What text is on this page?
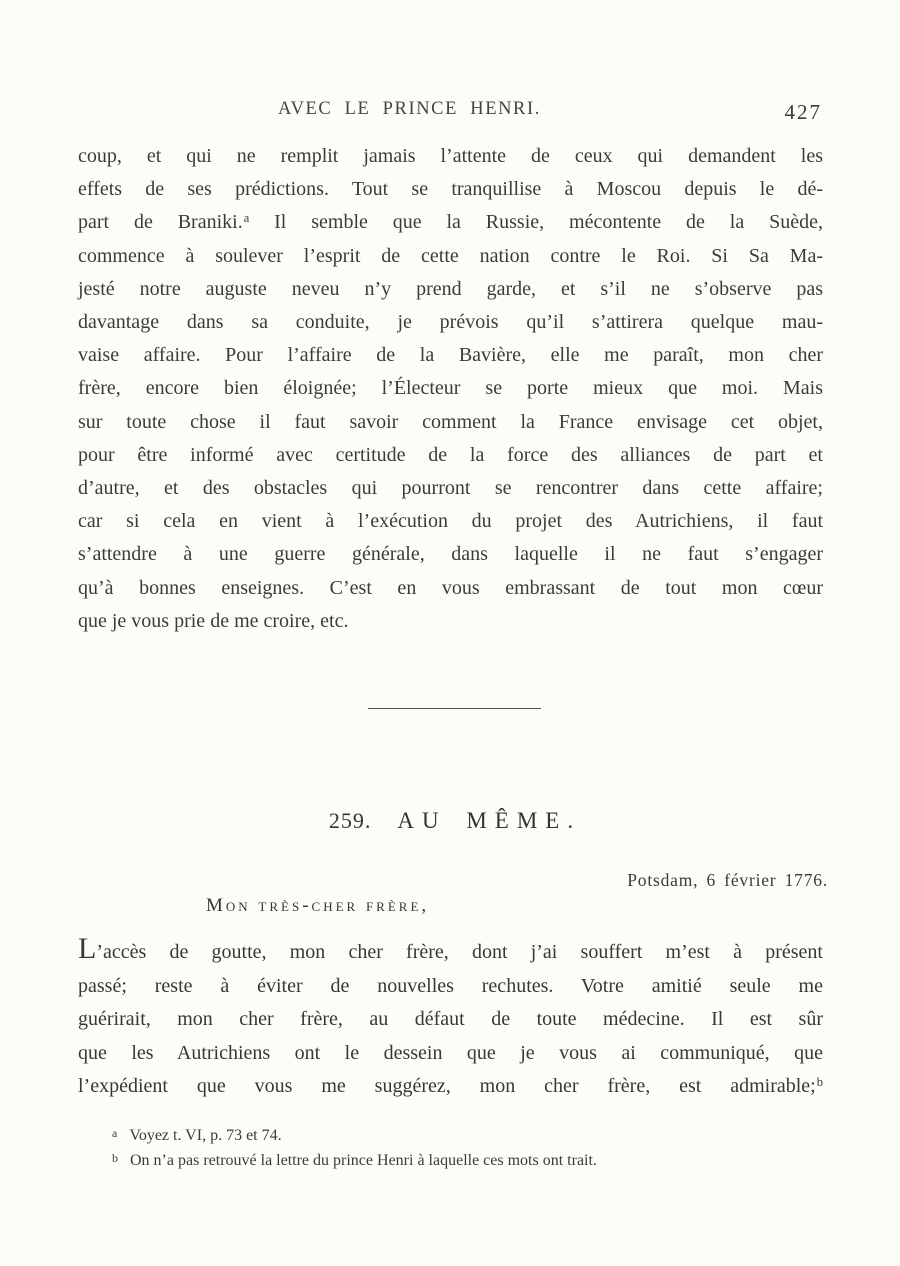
AVEC LE PRINCE HENRI.	427
coup, et qui ne remplit jamais l’attente de ceux qui demandent les
effets de ses prédictions. Tout se tranquillise à Moscou depuis le dé-
part de Braniki.$^a$ Il semble que la Russie, mécontente de la Suède,
commence à soulever l’esprit de cette nation contre le Roi. Si Sa Ma-
jesté notre auguste neveu n’y prend garde, et s’il ne s’observe pas
davantage dans sa conduite, je prévois qu’il s’attirera quelque mau-
vaise affaire. Pour l’affaire de la Bavière, elle me paraît, mon cher
frère, encore bien éloignée; l’Électeur se porte mieux que moi. Mais
sur toute chose il faut savoir comment la France envisage cet objet,
pour être informé avec certitude de la force des alliances de part et
d’autre, et des obstacles qui pourront se rencontrer dans cette affaire;
car si cela en vient à l’exécution du projet des Autrichiens, il faut
s’attendre à une guerre générale, dans laquelle il ne faut s’engager
qu’à bonnes enseignes. C’est en vous embrassant de tout mon cœur
que je vous prie de me croire, etc.
259. AU MÊME.
Potsdam, 6 février 1776.
Mon très-cher frère,
L’accès de goutte, mon cher frère, dont j’ai souffert m’est à présent
passé; reste à éviter de nouvelles rechutes. Votre amitié seule me
guérirait, mon cher frère, au défaut de toute médecine. Il est sûr
que les Autrichiens ont le dessein que je vous ai communiqué, que
l’expédient que vous me suggérez, mon cher frère, est admirable;$^b$
a Voyez t. VI, p. 73 et 74.
b On n’a pas retrouvé la lettre du prince Henri à laquelle ces mots ont trait.
